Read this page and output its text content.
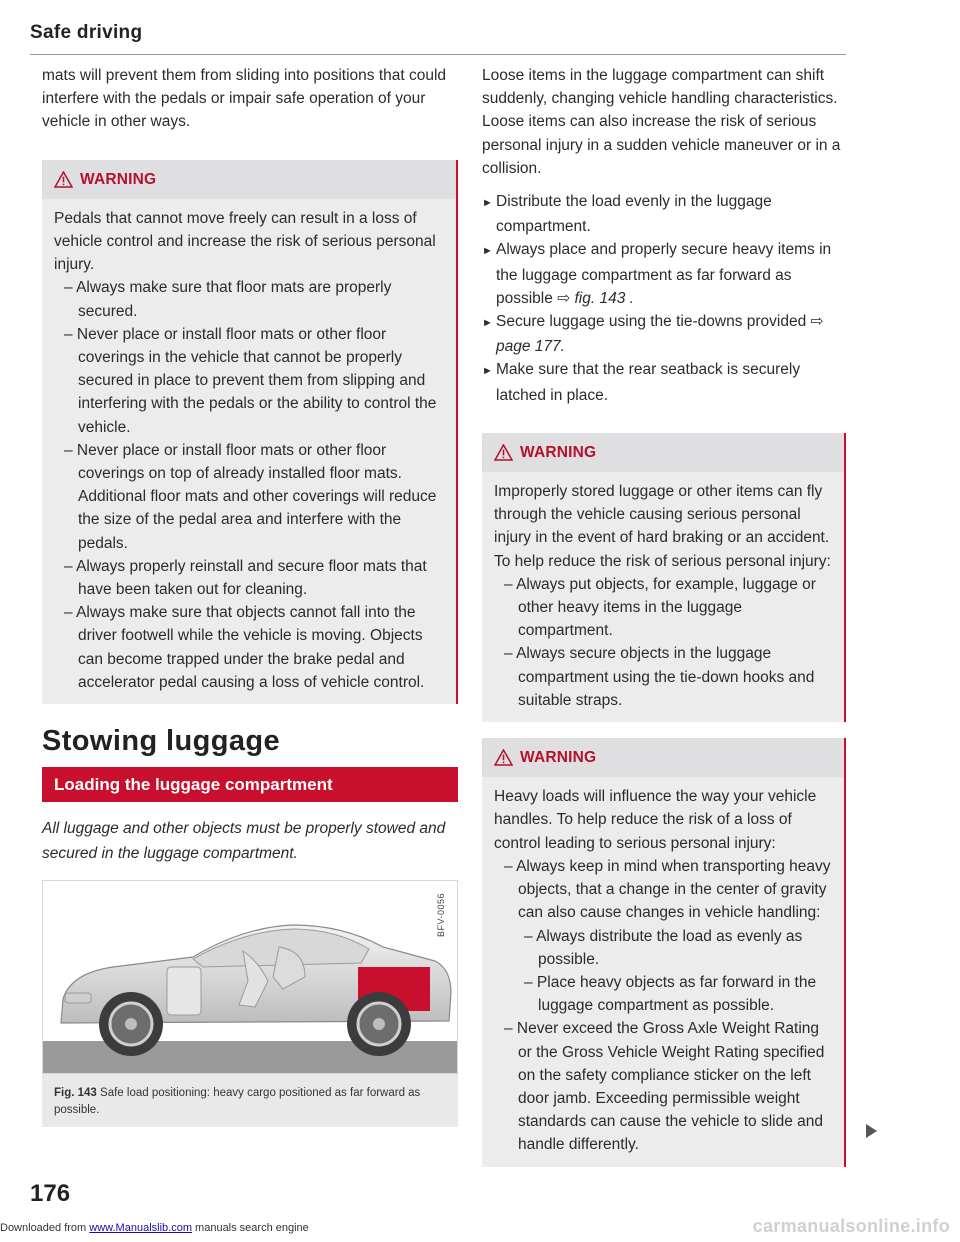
Safe driving

mats will prevent them from sliding into positions that could interfere with the pedals or impair safe operation of your vehicle in other ways.

WARNING

Pedals that cannot move freely can result in a loss of vehicle control and increase the risk of serious personal injury.

– Always make sure that floor mats are properly secured.

– Never place or install floor mats or other floor coverings in the vehicle that cannot be properly secured in place to prevent them from slipping and interfering with the pedals or the ability to control the vehicle.

– Never place or install floor mats or other floor coverings on top of already installed floor mats. Additional floor mats and other coverings will reduce the size of the pedal area and interfere with the pedals.

– Always properly reinstall and secure floor mats that have been taken out for cleaning.

– Always make sure that objects cannot fall into the driver footwell while the vehicle is moving. Objects can become trapped under the brake pedal and accelerator pedal causing a loss of vehicle control.

Stowing luggage
Loading the luggage compartment

All luggage and other objects must be properly stowed and secured in the luggage compartment.

BFV-0056
Fig. 143 Safe load positioning: heavy cargo positioned as far forward as possible.

Loose items in the luggage compartment can shift suddenly, changing vehicle handling characteristics. Loose items can also increase the risk of serious personal injury in a sudden vehicle maneuver or in a collision.

► Distribute the load evenly in the luggage compartment.

► Always place and properly secure heavy items in the luggage compartment as far forward as possible ⇨ fig. 143 .

► Secure luggage using the tie-downs provided ⇨ page 177.

► Make sure that the rear seatback is securely latched in place.

WARNING

Improperly stored luggage or other items can fly through the vehicle causing serious personal injury in the event of hard braking or an accident. To help reduce the risk of serious personal injury:

– Always put objects, for example, luggage or other heavy items in the luggage compartment.

– Always secure objects in the luggage compartment using the tie-down hooks and suitable straps.

WARNING

Heavy loads will influence the way your vehicle handles. To help reduce the risk of a loss of control leading to serious personal injury:

– Always keep in mind when transporting heavy objects, that a change in the center of gravity can also cause changes in vehicle handling:

– Always distribute the load as evenly as possible.

– Place heavy objects as far forward in the luggage compartment as possible.

– Never exceed the Gross Axle Weight Rating or the Gross Vehicle Weight Rating specified on the safety compliance sticker on the left door jamb. Exceeding permissible weight standards can cause the vehicle to slide and handle differently.

176
Downloaded from www.Manualslib.com manuals search engine	carmanualsonline.info
